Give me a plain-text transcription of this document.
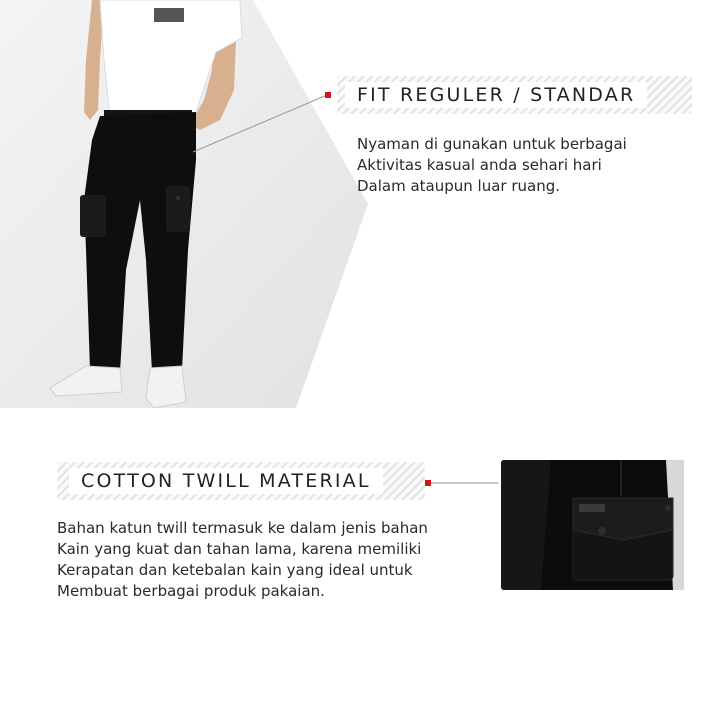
FIT REGULER / STANDAR

Nyaman di gunakan untuk berbagai
Aktivitas kasual anda sehari hari
Dalam ataupun luar ruang.

COTTON TWILL MATERIAL

Bahan katun twill termasuk ke dalam jenis bahan
Kain yang kuat dan tahan lama, karena memiliki
Kerapatan dan ketebalan kain yang ideal untuk
Membuat berbagai produk pakaian.
